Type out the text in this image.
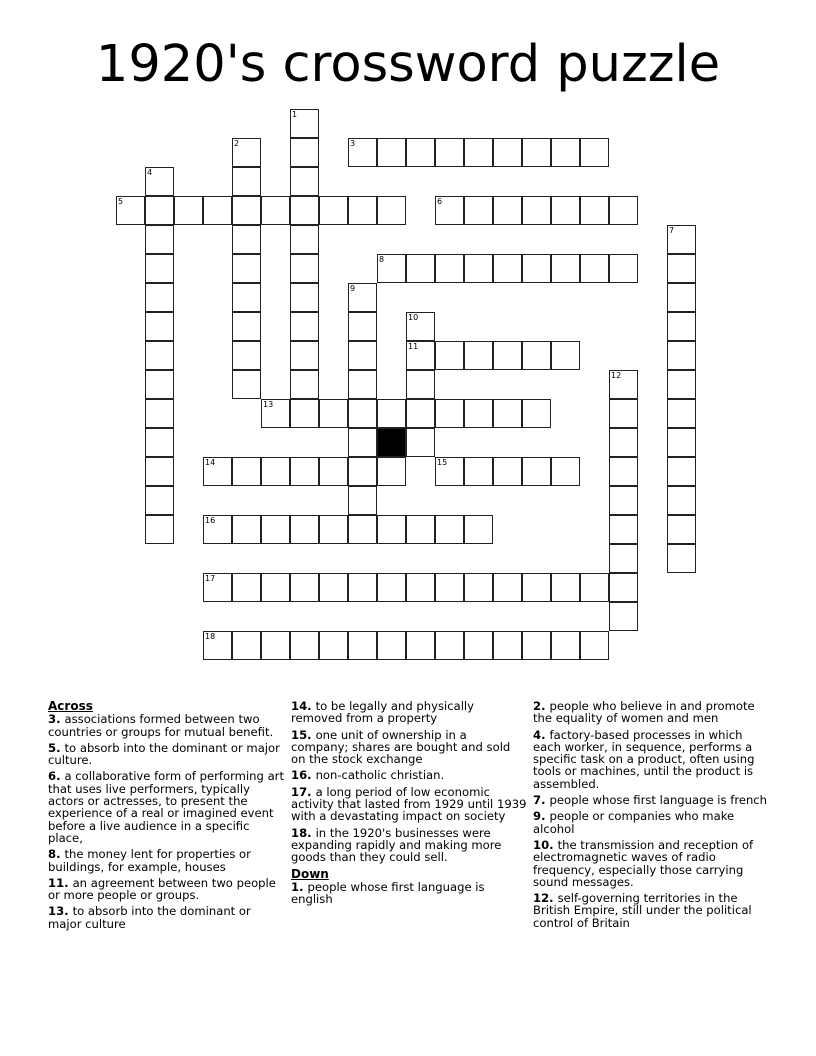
1920's crossword puzzle
1
2	3
4
5	6
7
8
9
10
11
12
13
14	15
16
17
18
Across
3. associations formed between two countries or groups for mutual benefit.
5. to absorb into the dominant or major culture.
6. a collaborative form of performing art that uses live performers, typically actors or actresses, to present the experience of a real or imagined event before a live audience in a specific place,
8. the money lent for properties or buildings, for example, houses
11. an agreement between two people or more people or groups.
13. to absorb into the dominant or major culture
14. to be legally and physically removed from a property
15. one unit of ownership in a company; shares are bought and sold on the stock exchange
16. non-catholic christian.
17. a long period of low economic activity that lasted from 1929 until 1939 with a devastating impact on society
18. in the 1920's businesses were expanding rapidly and making more goods than they could sell.
Down
1. people whose first language is english
2. people who believe in and promote the equality of women and men
4. factory-based processes in which each worker, in sequence, performs a specific task on a product, often using tools or machines, until the product is assembled.
7. people whose first language is french
9. people or companies who make alcohol
10. the transmission and reception of electromagnetic waves of radio frequency, especially those carrying sound messages.
12. self-governing territories in the British Empire, still under the political control of Britain
